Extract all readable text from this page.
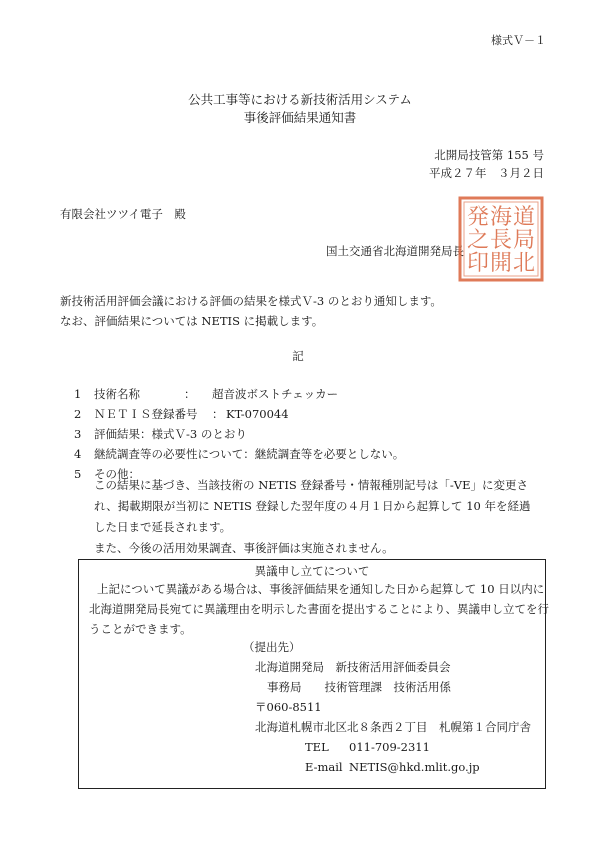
様式Ｖ－１
公共工事等における新技術活用システム
事後評価結果通知書
北開局技管第 155 号
平成２７年　３月２日
有限会社ツツイ電子　殿
国土交通省北海道開発局長
道
局
北
海
長
開
発
之
印
新技術活用評価会議における評価の結果を様式Ｖ-3 のとおり通知します。
なお、評価結果については NETIS に掲載します。
記
1 技術名称	： 超音波ボストチェッカー
2 ＮＥＴＩＳ登録番号 ： KT-070044
3 評価結果：様式Ｖ-3 のとおり
4 継続調査等の必要性について：継続調査等を必要としない。
5 その他：
この結果に基づき、当該技術の NETIS 登録番号・情報種別記号は「-VE」に変更さ
れ、掲載期限が当初に NETIS 登録した翌年度の４月１日から起算して 10 年を経過
した日まで延長されます。
また、今後の活用効果調査、事後評価は実施されません。
異議申し立てについて
上記について異議がある場合は、事後評価結果を通知した日から起算して 10 日以内に
北海道開発局長宛てに異議理由を明示した書面を提出することにより、異議申し立てを行
うことができます。
（提出先）
北海道開発局　新技術活用評価委員会
事務局　　技術管理課　技術活用係
〒060-8511
北海道札幌市北区北８条西２丁目　札幌第１合同庁舎
TEL 011-709-2311
E-mail NETIS@hkd.mlit.go.jp
